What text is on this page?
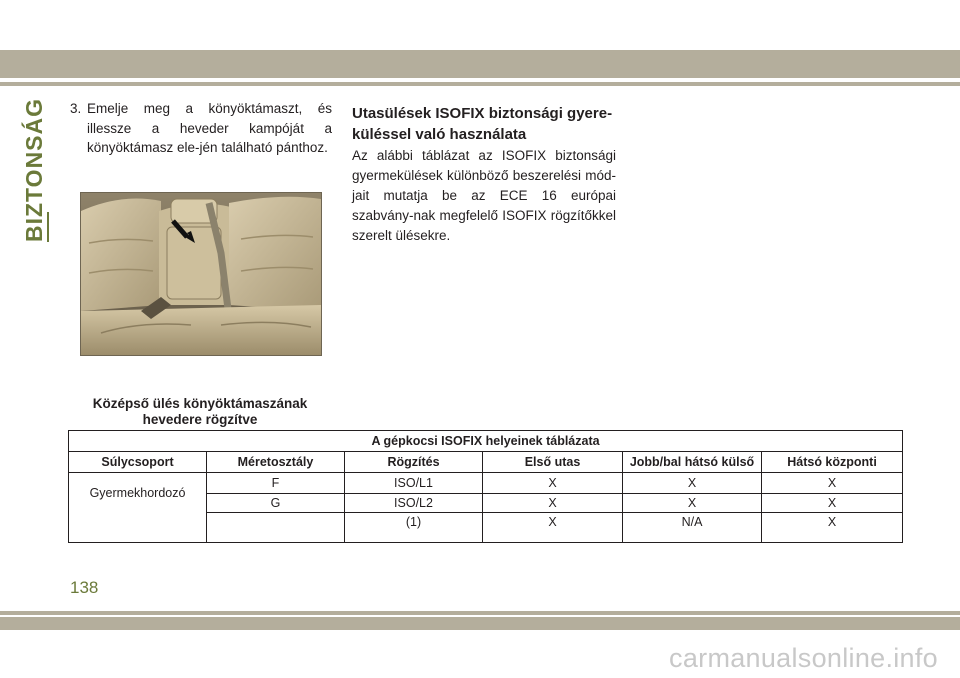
BIZTONSÁG 3. Emelje meg a könyöktámaszt, és illessze a heveder kampóját a könyöktámasz ele-jén található pánthoz.
Középső ülés könyöktámaszának
hevedere rögzítve
Utasülések ISOFIX biztonsági gyere-
küléssel való használata
Az alábbi táblázat az ISOFIX biztonsági gyermekülések különböző beszerelési mód-jait mutatja be az ECE 16 európai szabvány-nak megfelelő ISOFIX rögzítőkkel szerelt ülésekre.
A gépkocsi ISOFIX helyeinek táblázata					
Súlycsoport	Méretosztály	Rögzítés	Első utas	Jobb/bal hátsó külső	Hátsó központi
Gyermekhordozó	F	ISO/L1	X	X	X
	G	ISO/L2	X	X	X
		(1)	X	N/A	X
138
carmanualsonline.info
